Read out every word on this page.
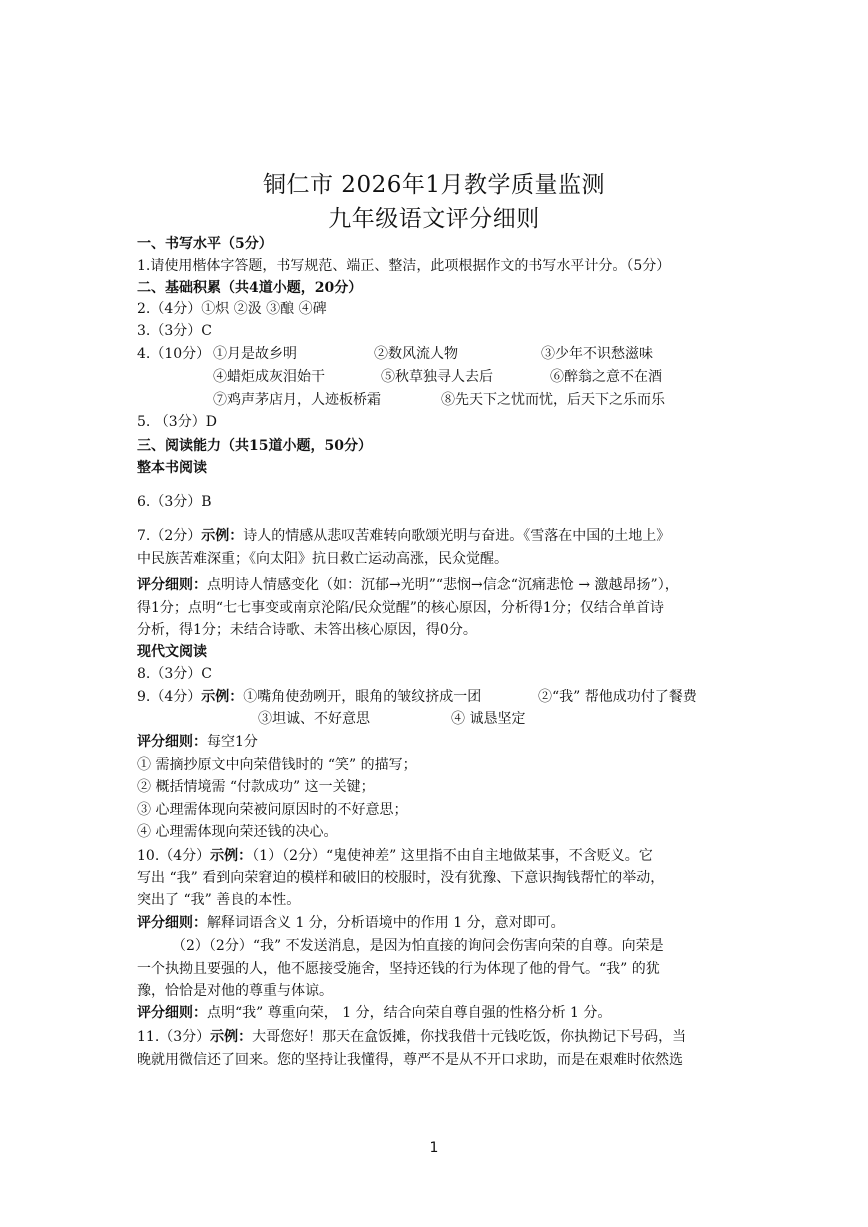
铜仁市 2026年1月教学质量监测
九年级语文评分细则
一、书写水平（5分）
1.请使用楷体字答题，书写规范、端正、整洁，此项根据作文的书写水平计分。（5分）
二、基础积累（共4道小题，20分）
2.（4分）①炽 ②汲 ③酿 ④碑
3.（3分）C
4.（10分） ①月是故乡明	②数风流人物	③少年不识愁滋味
④蜡炬成灰泪始干	⑤秋草独寻人去后	⑥醉翁之意不在酒
⑦鸡声茅店月，人迹板桥霜	⑧先天下之忧而忧，后天下之乐而乐
5. （3分）D
三、阅读能力（共15道小题，50分）
整本书阅读
6.（3分）B
7.（2分）示例：诗人的情感从悲叹苦难转向歌颂光明与奋进。《雪落在中国的土地上》
中民族苦难深重；《向太阳》抗日救亡运动高涨，民众觉醒。
评分细则：点明诗人情感变化（如：沉郁→光明”“悲悯→信念“沉痛悲怆 → 激越昂扬”），
得1分；点明“七七事变或南京沦陷/民众觉醒”的核心原因，分析得1分；仅结合单首诗
分析，得1分；未结合诗歌、未答出核心原因，得0分。
现代文阅读
8.（3分）C
9.（4分）示例：①嘴角使劲咧开，眼角的皱纹挤成一团	②“我” 帮他成功付了餐费
③坦诚、不好意思	④ 诚恳坚定
评分细则：每空1分
① 需摘抄原文中向荣借钱时的 “笑” 的描写；
② 概括情境需 “付款成功” 这一关键；
③ 心理需体现向荣被问原因时的不好意思；
④ 心理需体现向荣还钱的决心。
10.（4分）示例：（1）（2分）“鬼使神差” 这里指不由自主地做某事，不含贬义。它
写出 “我” 看到向荣窘迫的模样和破旧的校服时，没有犹豫、下意识掏钱帮忙的举动，
突出了 “我” 善良的本性。
评分细则：解释词语含义 1 分，分析语境中的作用 1 分，意对即可。
（2）（2分）“我” 不发送消息，是因为怕直接的询问会伤害向荣的自尊。向荣是
一个执拗且要强的人，他不愿接受施舍，坚持还钱的行为体现了他的骨气。“我” 的犹
豫，恰恰是对他的尊重与体谅。
评分细则：点明“我” 尊重向荣， 1 分，结合向荣自尊自强的性格分析 1 分。
11.（3分）示例：大哥您好！那天在盒饭摊，你找我借十元钱吃饭，你执拗记下号码，当
晚就用微信还了回来。您的坚持让我懂得，尊严不是从不开口求助，而是在艰难时依然选
1
